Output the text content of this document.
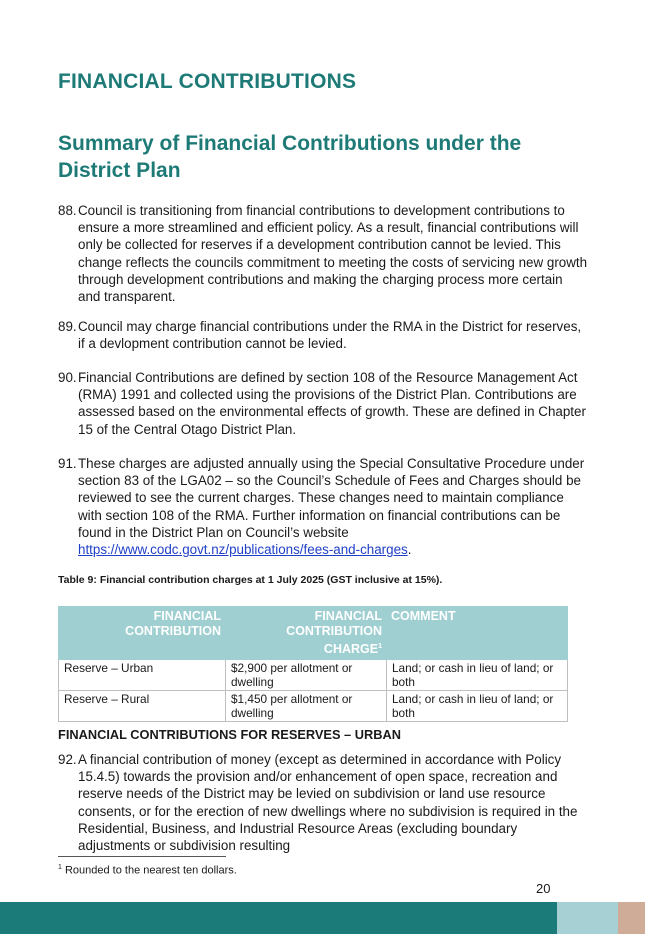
FINANCIAL CONTRIBUTIONS
Summary of Financial Contributions under the District Plan

88. Council is transitioning from financial contributions to development contributions to ensure a more streamlined and efficient policy. As a result, financial contributions will only be collected for reserves if a development contribution cannot be levied. This change reflects the councils commitment to meeting the costs of servicing new growth through development contributions and making the charging process more certain and transparent.

89. Council may charge financial contributions under the RMA in the District for reserves, if a devlopment contribution cannot be levied.

90. Financial Contributions are defined by section 108 of the Resource Management Act (RMA) 1991 and collected using the provisions of the District Plan. Contributions are assessed based on the environmental effects of growth. These are defined in Chapter 15 of the Central Otago District Plan.

91. These charges are adjusted annually using the Special Consultative Procedure under section 83 of the LGA02 – so the Council’s Schedule of Fees and Charges should be reviewed to see the current charges. These changes need to maintain compliance with section 108 of the RMA. Further information on financial contributions can be found in the District Plan on Council’s website https://www.codc.govt.nz/publications/fees-and-charges.

Table 9: Financial contribution charges at 1 July 2025 (GST inclusive at 15%).
FINANCIAL CONTRIBUTION	FINANCIAL CONTRIBUTION CHARGE$^1$	COMMENT
Reserve – Urban	$2,900 per allotment or dwelling	Land; or cash in lieu of land; or both
Reserve – Rural	$1,450 per allotment or dwelling	Land; or cash in lieu of land; or both
FINANCIAL CONTRIBUTIONS FOR RESERVES – URBAN

92. A financial contribution of money (except as determined in accordance with Policy 15.4.5) towards the provision and/or enhancement of open space, recreation and reserve needs of the District may be levied on subdivision or land use resource consents, or for the erection of new dwellings where no subdivision is required in the Residential, Business, and Industrial Resource Areas (excluding boundary adjustments or subdivision resulting

$^1$ Rounded to the nearest ten dollars.
20
